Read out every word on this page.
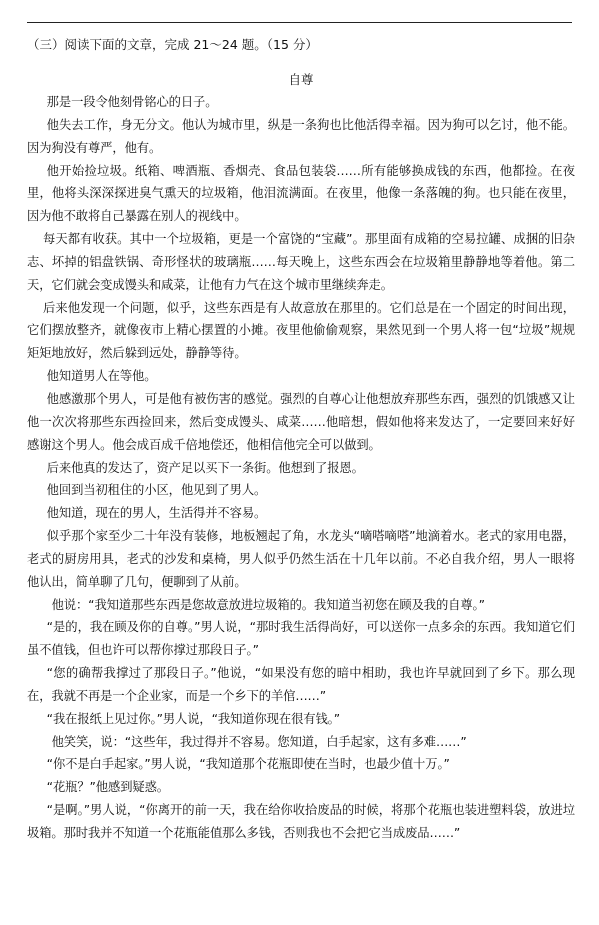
（三）阅读下面的文章，完成 21～24 题。（15 分）

自尊

那是一段令他刻骨铭心的日子。

他失去工作，身无分文。他认为城市里，纵是一条狗也比他活得幸福。因为狗可以乞讨，他不能。因为狗没有尊严，他有。

他开始捡垃圾。纸箱、啤酒瓶、香烟壳、食品包装袋……所有能够换成钱的东西，他都捡。在夜里，他将头深深探进臭气熏天的垃圾箱，他泪流满面。在夜里，他像一条落魄的狗。也只能在夜里，因为他不敢将自己暴露在别人的视线中。

每天都有收获。其中一个垃圾箱，更是一个富饶的“宝藏”。那里面有成箱的空易拉罐、成捆的旧杂志、坏掉的铝盘铁锅、奇形怪状的玻璃瓶……每天晚上，这些东西会在垃圾箱里静静地等着他。第二天，它们就会变成馒头和咸菜，让他有力气在这个城市里继续奔走。

后来他发现一个问题，似乎，这些东西是有人故意放在那里的。它们总是在一个固定的时间出现，它们摆放整齐，就像夜市上精心摆置的小摊。夜里他偷偷观察，果然见到一个男人将一包“垃圾”规规矩矩地放好，然后躲到远处，静静等待。

他知道男人在等他。

他感激那个男人，可是他有被伤害的感觉。强烈的自尊心让他想放弃那些东西，强烈的饥饿感又让他一次次将那些东西捡回来，然后变成馒头、咸菜……他暗想，假如他将来发达了，一定要回来好好感谢这个男人。他会成百成千倍地偿还，他相信他完全可以做到。

后来他真的发达了，资产足以买下一条街。他想到了报恩。

他回到当初租住的小区，他见到了男人。

他知道，现在的男人，生活得并不容易。

似乎那个家至少二十年没有装修，地板翘起了角，水龙头“嘀嗒嘀嗒”地滴着水。老式的家用电器，老式的厨房用具，老式的沙发和桌椅，男人似乎仍然生活在十几年以前。不必自我介绍，男人一眼将他认出，简单聊了几句，便聊到了从前。

他说：“我知道那些东西是您故意放进垃圾箱的。我知道当初您在顾及我的自尊。”

“是的，我在顾及你的自尊。”男人说，“那时我生活得尚好，可以送你一点多余的东西。我知道它们虽不值钱，但也许可以帮你撑过那段日子。”

“您的确帮我撑过了那段日子。”他说，“如果没有您的暗中相助，我也许早就回到了乡下。那么现在，我就不再是一个企业家，而是一个乡下的羊倌……”

“我在报纸上见过你。”男人说，“我知道你现在很有钱。”

他笑笑，说：“这些年，我过得并不容易。您知道，白手起家，这有多难……”

“你不是白手起家。”男人说，“我知道那个花瓶即使在当时，也最少值十万。”

“花瓶？”他感到疑惑。

“是啊。”男人说，“你离开的前一天，我在给你收拾废品的时候，将那个花瓶也装进塑料袋，放进垃圾箱。那时我并不知道一个花瓶能值那么多钱，否则我也不会把它当成废品……”
